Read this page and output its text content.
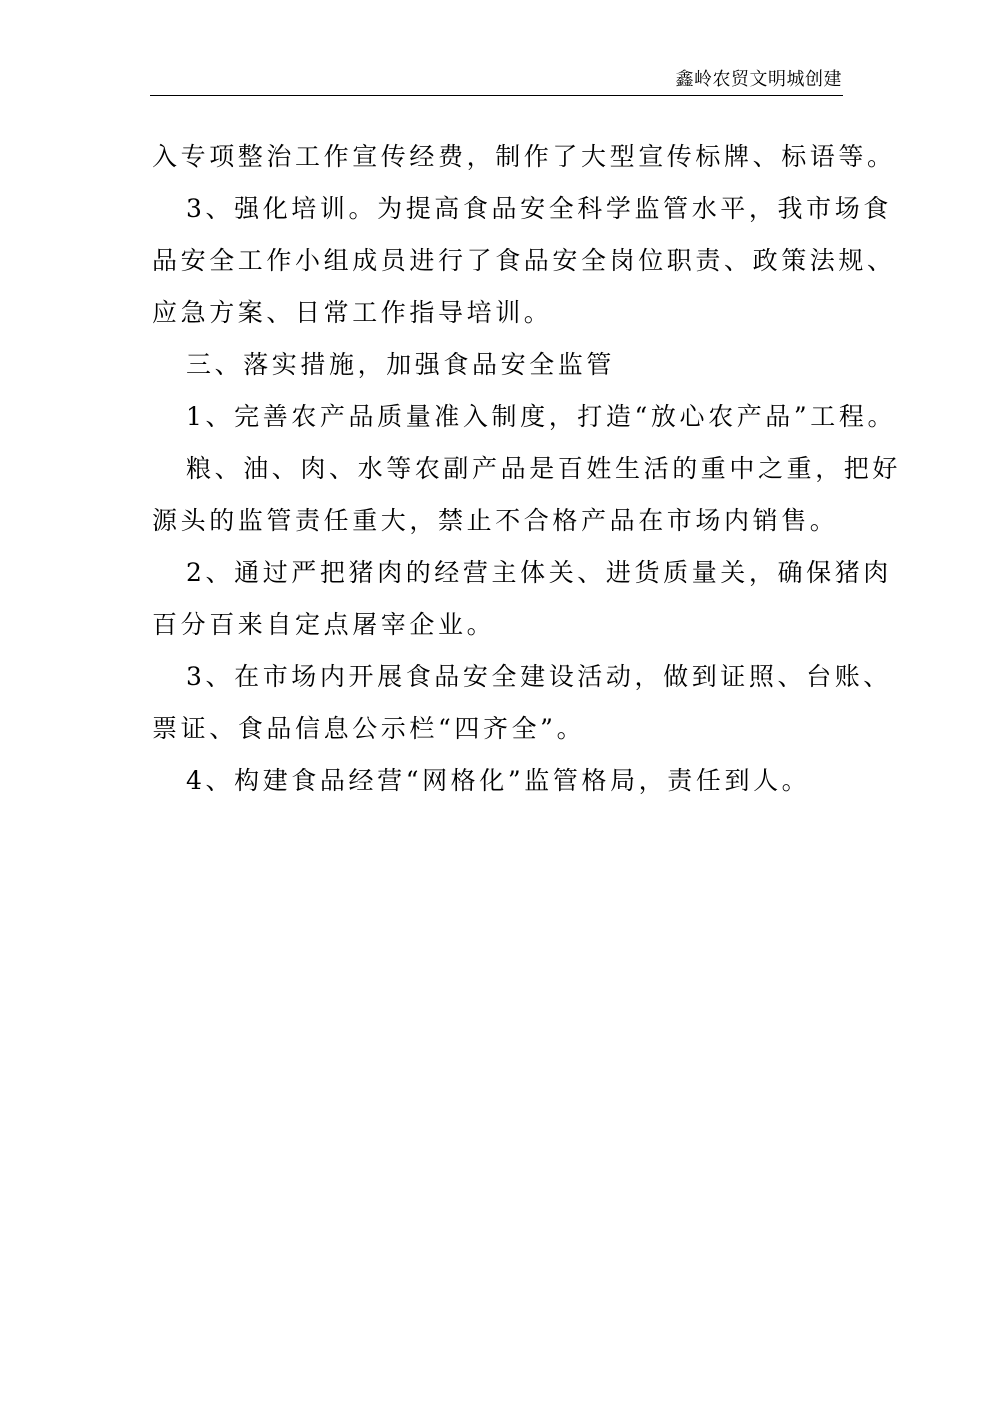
鑫岭农贸文明城创建
入专项整治工作宣传经费，制作了大型宣传标牌、标语等。
3、强化培训。为提高食品安全科学监管水平，我市场食
品安全工作小组成员进行了食品安全岗位职责、政策法规、
应急方案、日常工作指导培训。
三、落实措施，加强食品安全监管
1、完善农产品质量准入制度，打造“放心农产品”工程。
粮、油、肉、水等农副产品是百姓生活的重中之重，把好
源头的监管责任重大，禁止不合格产品在市场内销售。
2、通过严把猪肉的经营主体关、进货质量关，确保猪肉
百分百来自定点屠宰企业。
3、在市场内开展食品安全建设活动，做到证照、台账、
票证、食品信息公示栏“四齐全”。
4、构建食品经营“网格化”监管格局，责任到人。
